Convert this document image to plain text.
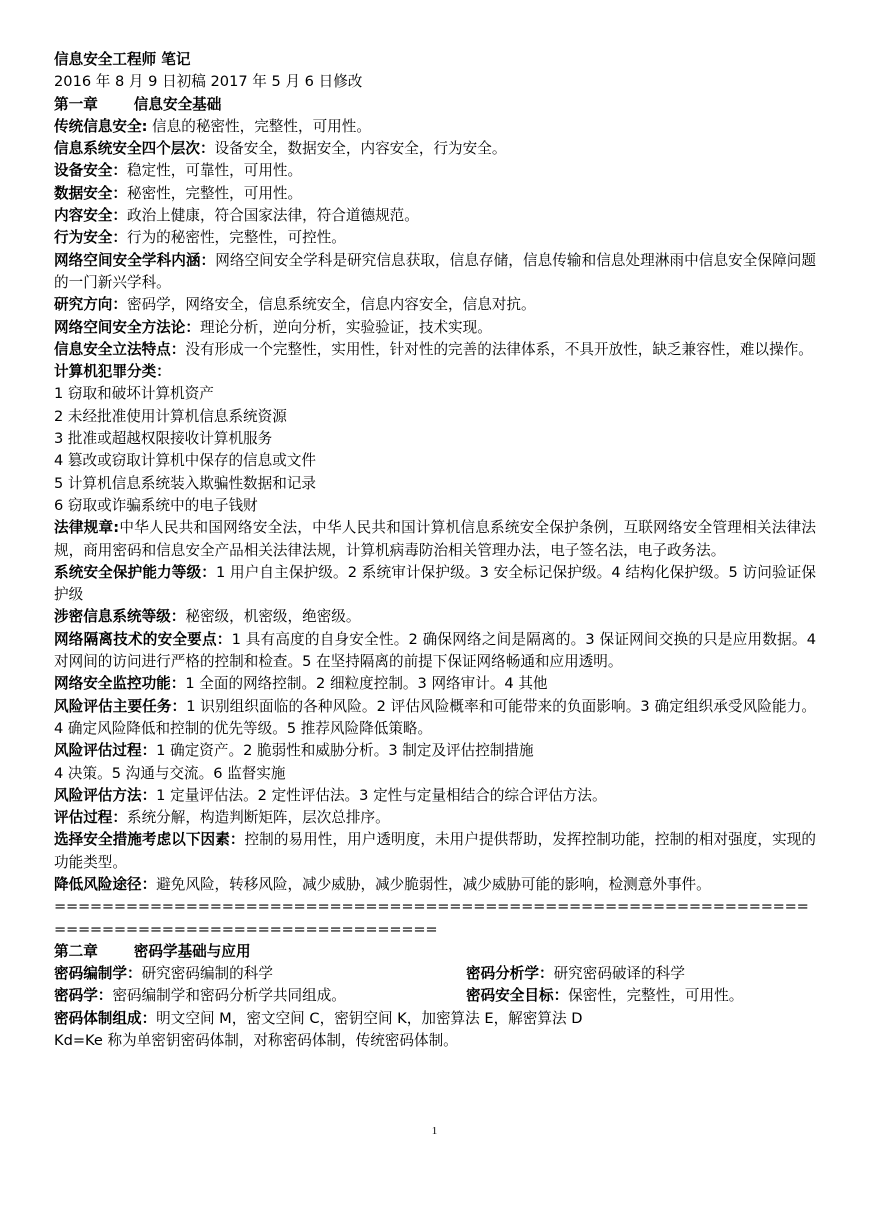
信息安全工程师 笔记
2016 年 8 月 9 日初稿 2017 年 5 月 6 日修改
第一章 信息安全基础
传统信息安全: 信息的秘密性，完整性，可用性。
信息系统安全四个层次：设备安全，数据安全，内容安全，行为安全。
设备安全：稳定性，可靠性，可用性。
数据安全：秘密性，完整性，可用性。
内容安全：政治上健康，符合国家法律，符合道德规范。
行为安全：行为的秘密性，完整性，可控性。
网络空间安全学科内涵：网络空间安全学科是研究信息获取，信息存储，信息传输和信息处理淋雨中信息安全保障问题的一门新兴学科。
研究方向：密码学，网络安全，信息系统安全，信息内容安全，信息对抗。
网络空间安全方法论：理论分析，逆向分析，实验验证，技术实现。
信息安全立法特点：没有形成一个完整性，实用性，针对性的完善的法律体系，不具开放性，缺乏兼容性，难以操作。
计算机犯罪分类：
1 窃取和破坏计算机资产
2 未经批准使用计算机信息系统资源
3 批准或超越权限接收计算机服务
4 篡改或窃取计算机中保存的信息或文件
5 计算机信息系统装入欺骗性数据和记录
6 窃取或诈骗系统中的电子钱财
法律规章:中华人民共和国网络安全法，中华人民共和国计算机信息系统安全保护条例，互联网络安全管理相关法律法规，商用密码和信息安全产品相关法律法规，计算机病毒防治相关管理办法，电子签名法，电子政务法。
系统安全保护能力等级：1 用户自主保护级。2 系统审计保护级。3 安全标记保护级。4 结构化保护级。5 访问验证保护级
涉密信息系统等级：秘密级，机密级，绝密级。
网络隔离技术的安全要点：1 具有高度的自身安全性。2 确保网络之间是隔离的。3 保证网间交换的只是应用数据。4 对网间的访问进行严格的控制和检查。5 在坚持隔离的前提下保证网络畅通和应用透明。
网络安全监控功能：1 全面的网络控制。2 细粒度控制。3 网络审计。4 其他
风险评估主要任务：1 识别组织面临的各种风险。2 评估风险概率和可能带来的负面影响。3 确定组织承受风险能力。4 确定风险降低和控制的优先等级。5 推荐风险降低策略。
风险评估过程：1 确定资产。2 脆弱性和威胁分析。3 制定及评估控制措施
4 决策。5 沟通与交流。6 监督实施
风险评估方法：1 定量评估法。2 定性评估法。3 定性与定量相结合的综合评估方法。
评估过程：系统分解，构造判断矩阵，层次总排序。
选择安全措施考虑以下因素：控制的易用性，用户透明度，未用户提供帮助，发挥控制功能，控制的相对强度，实现的功能类型。
降低风险途径：避免风险，转移风险，减少威胁，减少脆弱性，减少威胁可能的影响，检测意外事件。
===============================================================================================
第二章 密码学基础与应用
密码编制学：研究密码编制的科学	密码分析学：研究密码破译的科学
密码学：密码编制学和密码分析学共同组成。	密码安全目标：保密性，完整性，可用性。
密码体制组成：明文空间 M，密文空间 C，密钥空间 K，加密算法 E，解密算法 D
Kd=Ke 称为单密钥密码体制，对称密码体制，传统密码体制。
1
